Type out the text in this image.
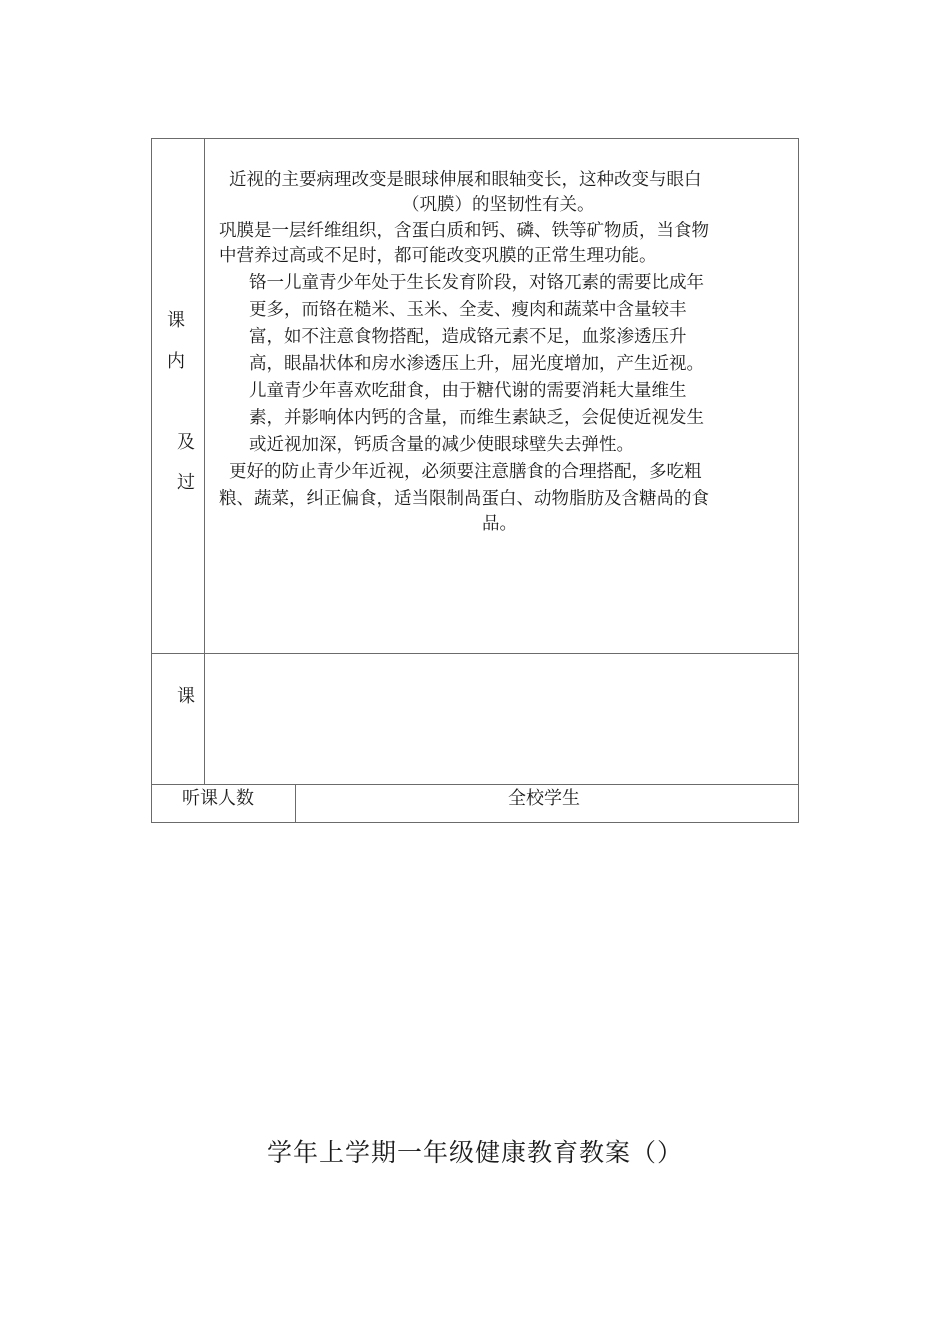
课
内
及
过
课
近视的主要病理改变是眼球伸展和眼轴变长，这种改变与眼白
（巩膜）的坚韧性有关。
巩膜是一层纤维组织，含蛋白质和钙、磷、铁等矿物质，当食物
中营养过高或不足时，都可能改变巩膜的正常生理功能。
铬一儿童青少年处于生长发育阶段，对铬兀素的需要比成年
更多，而铬在糙米、玉米、全麦、瘦肉和蔬菜中含量较丰
富，如不注意食物搭配，造成铬元素不足，血浆渗透压升
高，眼晶状体和房水渗透压上升，屈光度增加，产生近视。
儿童青少年喜欢吃甜食，由于糖代谢的需要消耗大量维生
素，并影响体内钙的含量，而维生素缺乏，会促使近视发生
或近视加深，钙质含量的减少使眼球壁失去弹性。
更好的防止青少年近视，必须要注意膳食的合理搭配，多吃粗
粮、蔬菜，纠正偏食，适当限制咼蛋白、动物脂肪及含糖咼的食
品。
听课人数	全校学生
学年上学期一年级健康教育教案（）
